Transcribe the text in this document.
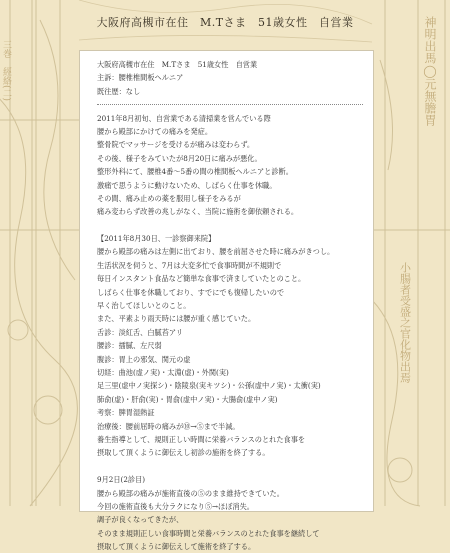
神明出馬◯元無膽胃
小腸者受盛之官化物出焉
三巻　經絡(二)
大阪府高槻市在住　M.Tさま　51歳女性　自営業
大阪府高槻市在住　M.Tさま　51歳女性　自営業
主訴：腰椎椎間板ヘルニア
既往歴：なし
2011年8月初旬、自営業である清掃業を営んでいる際
腰から殿部にかけての痛みを発症。
整骨院でマッサージを受けるが痛みは変わらず。
その後、様子をみていたが8月20日に痛みが悪化。
整形外科にて、腰椎4番〜5番の間の椎間板ヘルニアと診断。
激痛で思うように動けないため、しばらく仕事を休職。
その間、痛み止めの薬を服用し様子をみるが
痛み変わらず改善の兆しがなく、当院に施術を御依頼される。
【2011年8月30日、一診察御来院】
腰から殿部の痛みは左側に出ており、腰を前屈させた時に痛みがきつし。
生活状況を伺うと、7月は大変多忙で食事時間が不規則で
毎日インスタント食品など簡単な食事で済ましていたとのこと。
しばらく仕事を休職しており、すでにでも復帰したいので
早く治してほしいとのこと。
また、平素より雨天時には腰が重く感じていた。
舌診：淡紅舌、白膩苔アリ
腰診：擂膩、左尺弱
腹診：胃上の邪気、関元の虚
切経：曲池(虚ノ実)・太淵(虚)・外関(実)
足三里(虚中ノ実探シ)・陰陵泉(実キツシ)・公孫(虚中ノ実)・太衝(実)
肺俞(虚)・肝俞(実)・胃俞(虚中ノ実)・大腸俞(虚中ノ実)
考察：脾胃湿熱証
治療後：腰前屈時の痛みが⑩→⑤まで半減。
養生指導として、規則正しい時間に栄養バランスのとれた食事を
摂取して頂くように御伝えし初診の施術を終了する。
9月2日(2診目)
腰から殿部の痛みが施術直後の⑤のまま維持できていた。
今回の施術直後も大分ラクになり⑤→ほぼ消失。
調子が良くなってきたが、
そのまま規則正しい食事時間と栄養バランスのとれた食事を継続して
摂取して頂くように御伝えして施術を終了する。
